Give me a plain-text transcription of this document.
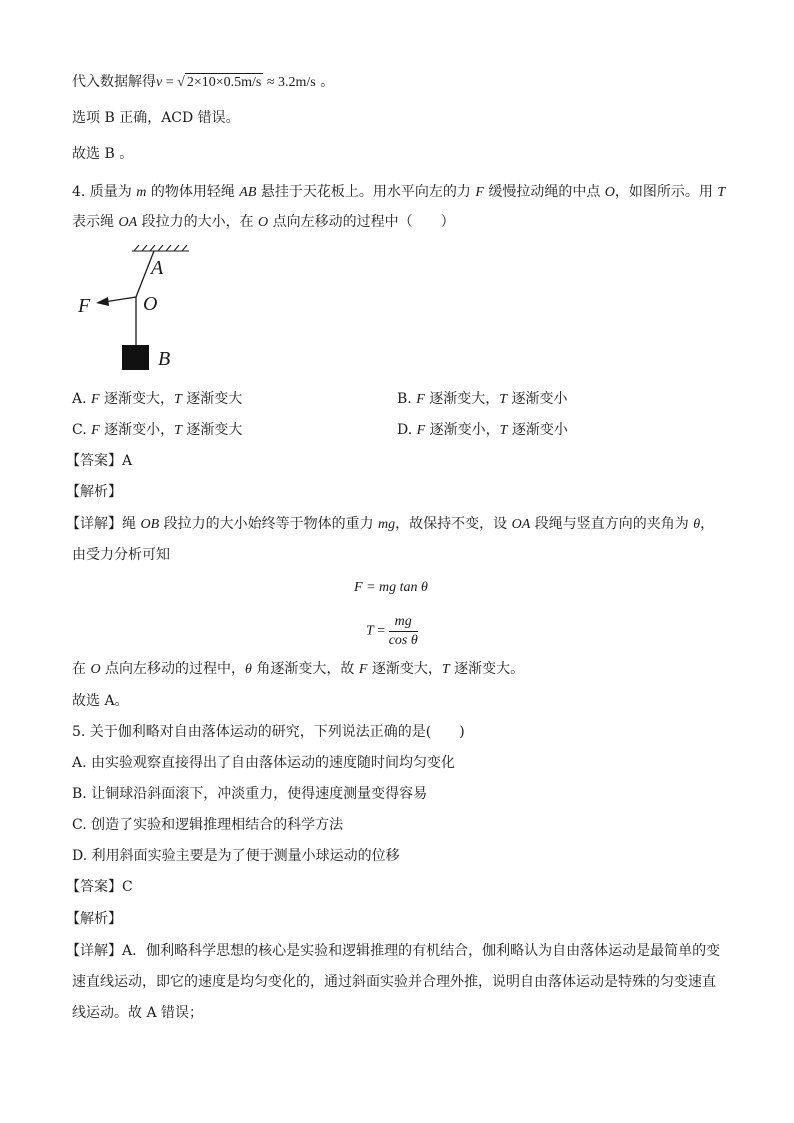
代入数据解得v = √ 2×10×0.5m/s ≈ 3.2m/s 。
选项 B 正确，ACD 错误。
故选 B 。
4. 质量为 m 的物体用轻绳 AB 悬挂于天花板上。用水平向左的力 F 缓慢拉动绳的中点 O，如图所示。用 T
表示绳 OA 段拉力的大小，在 O 点向左移动的过程中（　　）
A
O
F
B
A. F 逐渐变大，T 逐渐变大	B. F 逐渐变大，T 逐渐变小
C. F 逐渐变小，T 逐渐变大	D. F 逐渐变小，T 逐渐变小
【答案】A
【解析】
【详解】绳 OB 段拉力的大小始终等于物体的重力 mg，故保持不变，设 OA 段绳与竖直方向的夹角为 θ，
由受力分析可知
F = mg tan θ
$T = \frac{mg}{\text{cos θ}}$
在 O 点向左移动的过程中，θ 角逐渐变大，故 F 逐渐变大，T 逐渐变大。
故选 A。
5. 关于伽利略对自由落体运动的研究，下列说法正确的是(　　)
A. 由实验观察直接得出了自由落体运动的速度随时间均匀变化
B. 让铜球沿斜面滚下，冲淡重力，使得速度测量变得容易
C. 创造了实验和逻辑推理相结合的科学方法
D. 利用斜面实验主要是为了便于测量小球运动的位移
【答案】C
【解析】
【详解】A．伽利略科学思想的核心是实验和逻辑推理的有机结合，伽利略认为自由落体运动是最简单的变
速直线运动，即它的速度是均匀变化的，通过斜面实验并合理外推，说明自由落体运动是特殊的匀变速直
线运动。故 A 错误；
